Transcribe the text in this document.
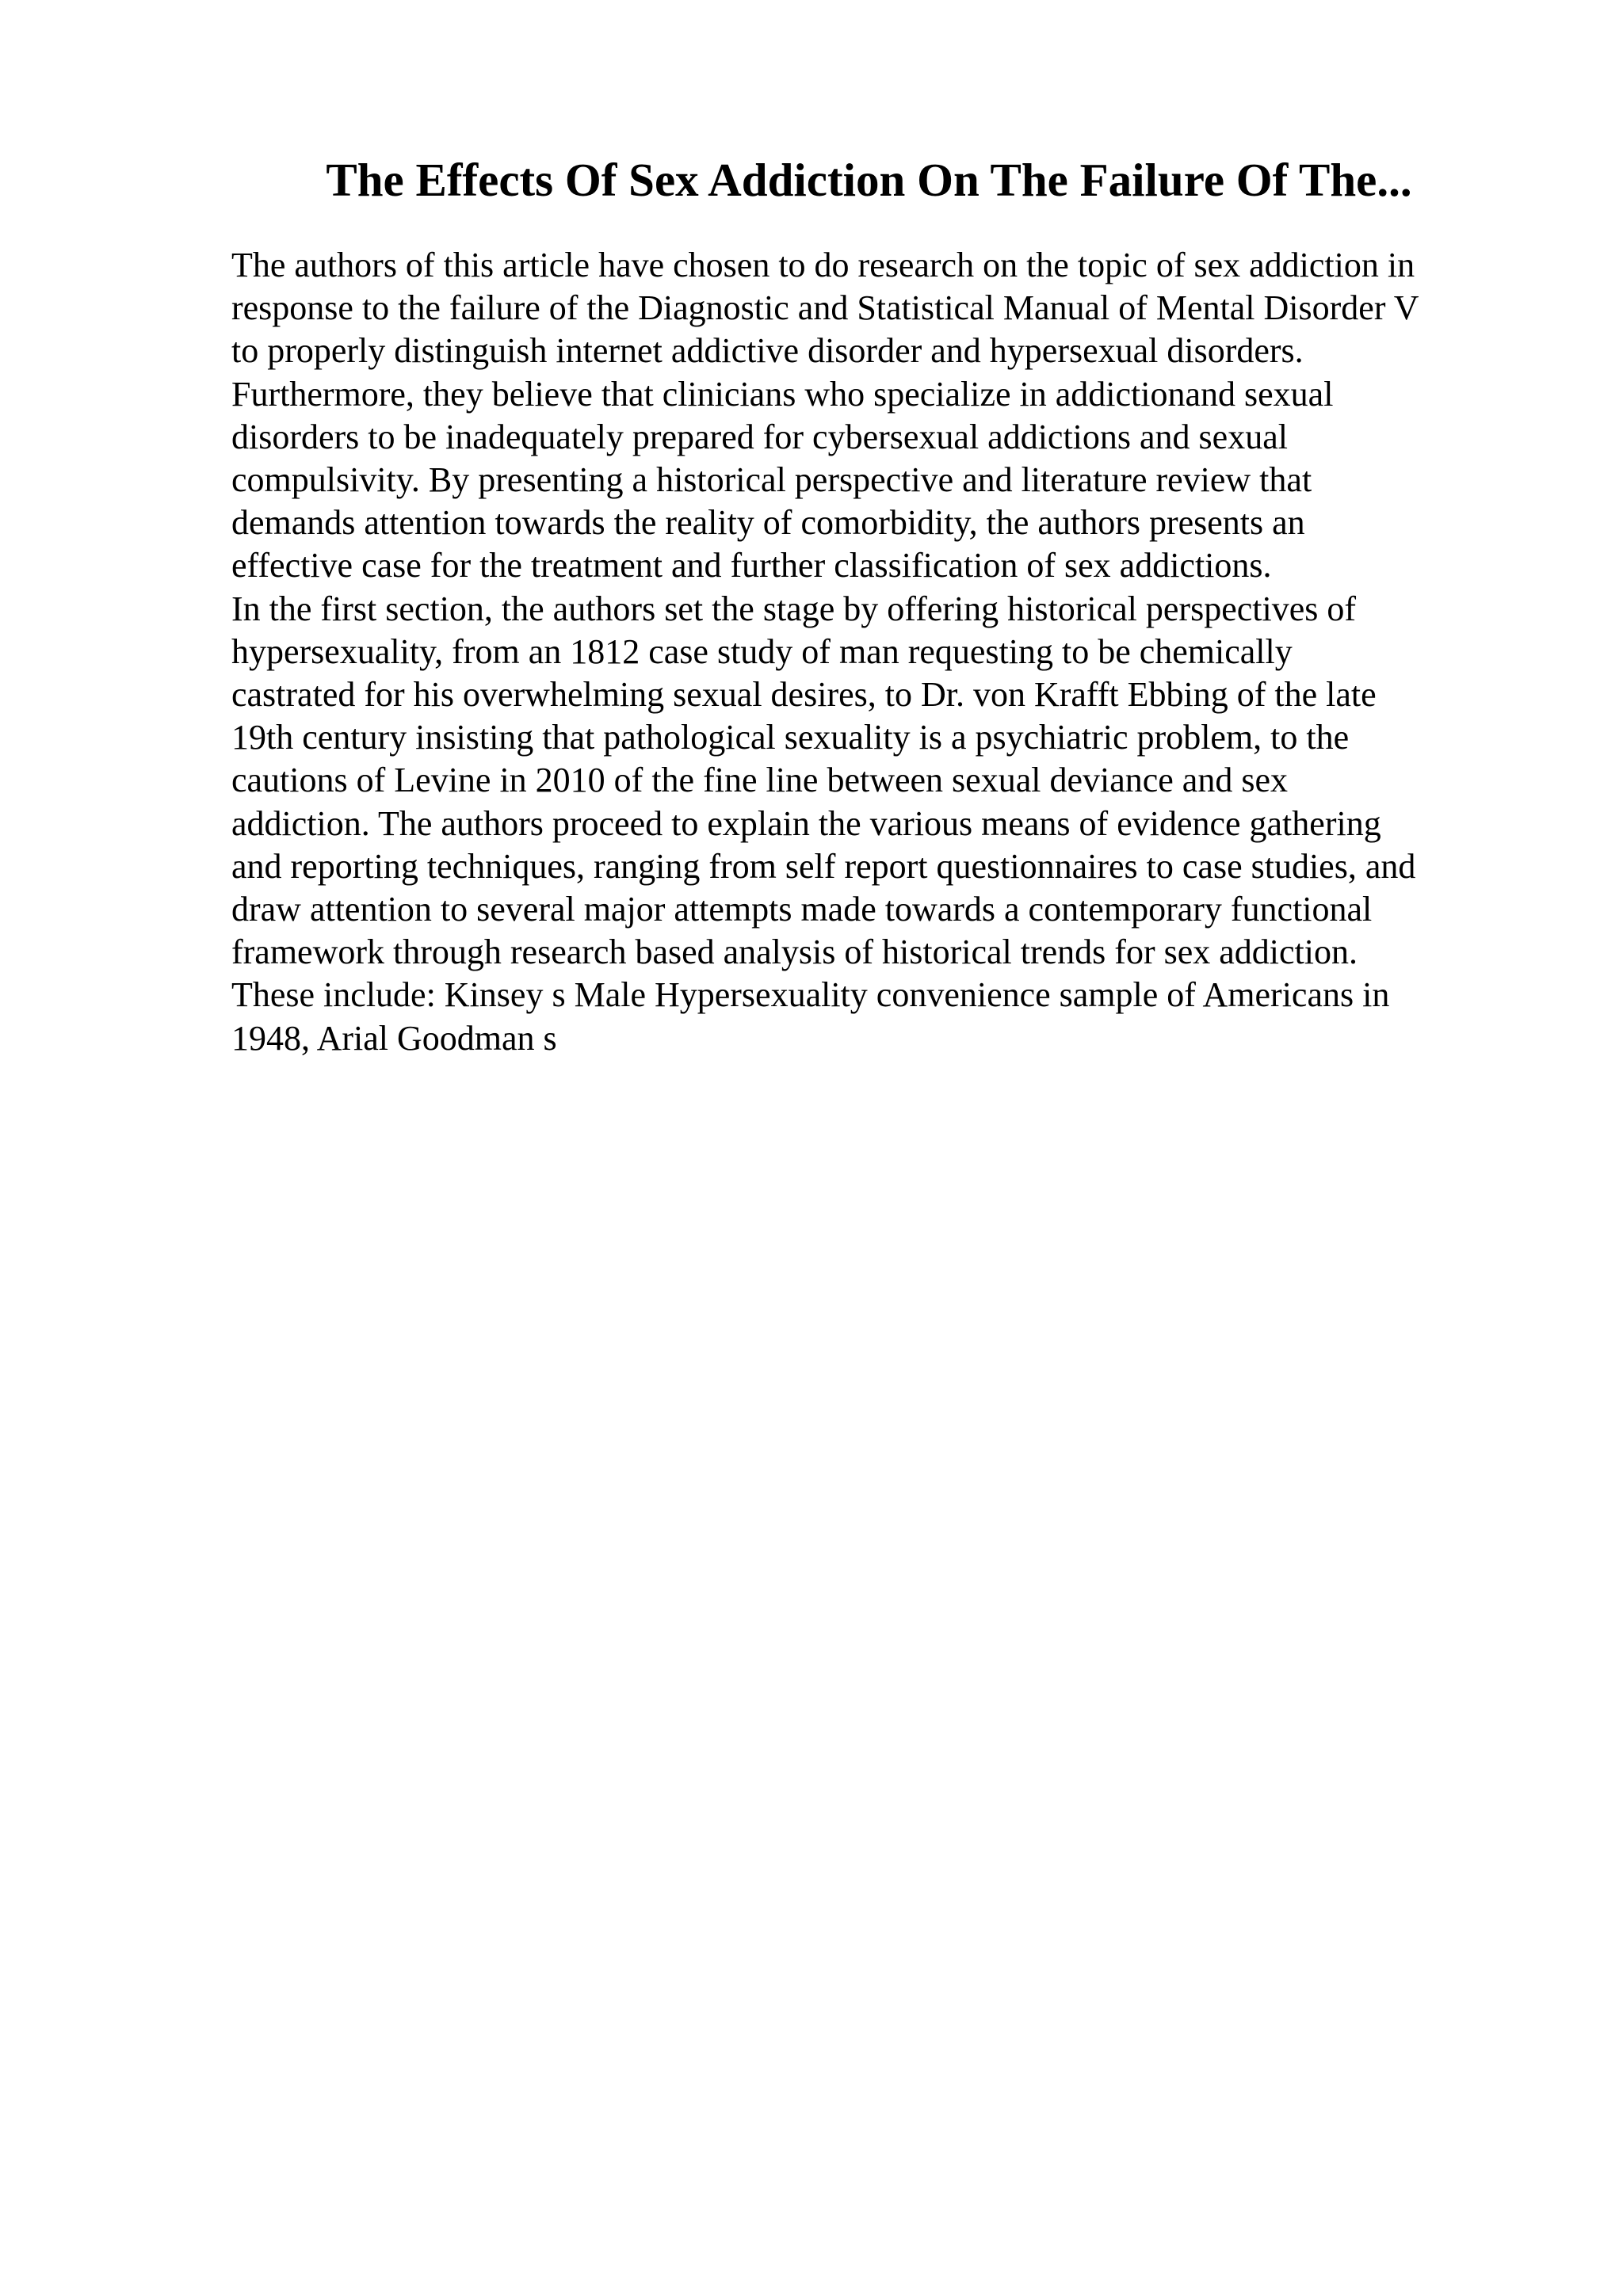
The Effects Of Sex Addiction On The Failure Of The...
The authors of this article have chosen to do research on the topic of sex addiction in
response to the failure of the Diagnostic and Statistical Manual of Mental Disorder V
to properly distinguish internet addictive disorder and hypersexual disorders.
Furthermore, they believe that clinicians who specialize in addictionand sexual
disorders to be inadequately prepared for cybersexual addictions and sexual
compulsivity. By presenting a historical perspective and literature review that
demands attention towards the reality of comorbidity, the authors presents an
effective case for the treatment and further classification of sex addictions.
In the first section, the authors set the stage by offering historical perspectives of
hypersexuality, from an 1812 case study of man requesting to be chemically
castrated for his overwhelming sexual desires, to Dr. von Krafft Ebbing of the late
19th century insisting that pathological sexuality is a psychiatric problem, to the
cautions of Levine in 2010 of the fine line between sexual deviance and sex
addiction. The authors proceed to explain the various means of evidence gathering
and reporting techniques, ranging from self report questionnaires to case studies, and
draw attention to several major attempts made towards a contemporary functional
framework through research based analysis of historical trends for sex addiction.
These include: Kinsey s Male Hypersexuality convenience sample of Americans in
1948, Arial Goodman s
